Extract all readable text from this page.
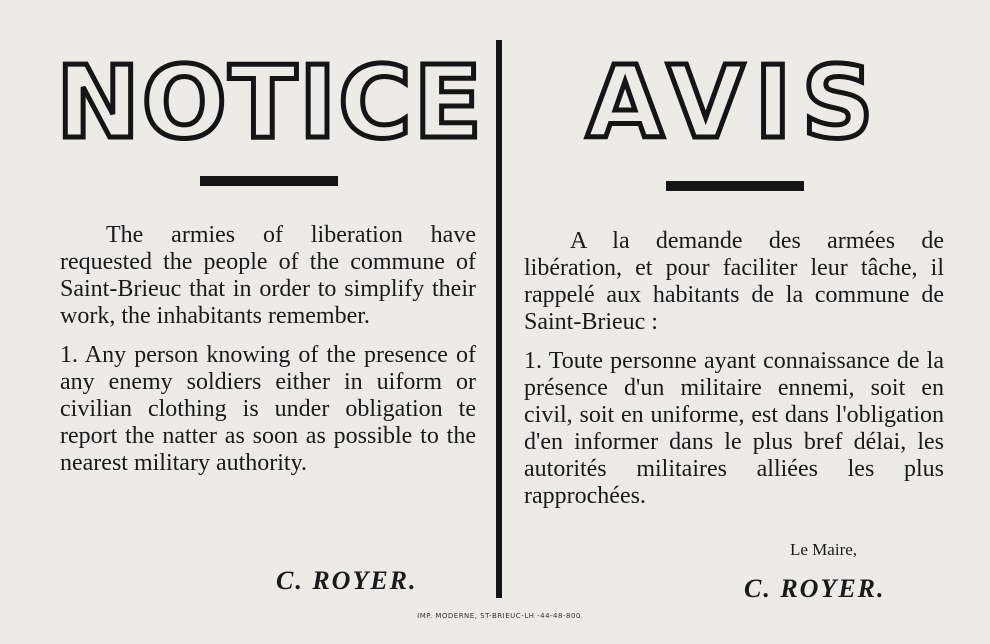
NOTICE

The armies of liberation have requested the people of the commune of Saint-Brieuc that in order to simplify their work, the inhabitants remember.

1. Any person knowing of the presence of any enemy soldiers either in uiform or civilian clothing is under obligation te report the natter as soon as possible to the nearest military authority.

C. ROYER.
AVIS

A la demande des armées de libération, et pour faciliter leur tâche, il rappelé aux habitants de la commune de Saint-Brieuc :

1. Toute personne ayant connaissance de la présence d'un militaire ennemi, soit en civil, soit en uniforme, est dans l'obligation d'en informer dans le plus bref délai, les autorités militaires alliées les plus rapprochées.

Le Maire,
C. ROYER.
IMP. MODERNE, ST-BRIEUC-LH -44-48-800
